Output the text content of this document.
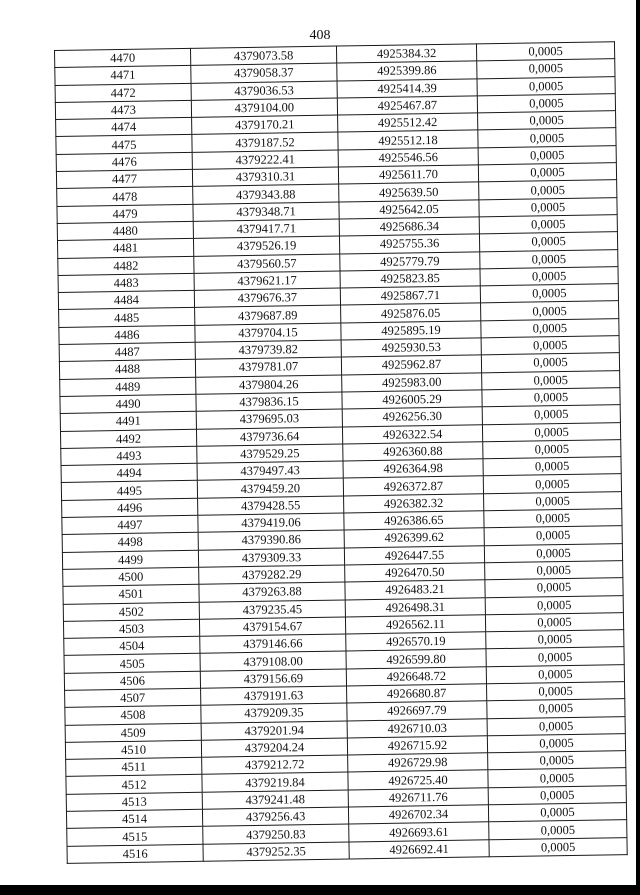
408
4470	4379073.58	4925384.32	0,0005
4471	4379058.37	4925399.86	0,0005
4472	4379036.53	4925414.39	0,0005
4473	4379104.00	4925467.87	0,0005
4474	4379170.21	4925512.42	0,0005
4475	4379187.52	4925512.18	0,0005
4476	4379222.41	4925546.56	0,0005
4477	4379310.31	4925611.70	0,0005
4478	4379343.88	4925639.50	0,0005
4479	4379348.71	4925642.05	0,0005
4480	4379417.71	4925686.34	0,0005
4481	4379526.19	4925755.36	0,0005
4482	4379560.57	4925779.79	0,0005
4483	4379621.17	4925823.85	0,0005
4484	4379676.37	4925867.71	0,0005
4485	4379687.89	4925876.05	0,0005
4486	4379704.15	4925895.19	0,0005
4487	4379739.82	4925930.53	0,0005
4488	4379781.07	4925962.87	0,0005
4489	4379804.26	4925983.00	0,0005
4490	4379836.15	4926005.29	0,0005
4491	4379695.03	4926256.30	0,0005
4492	4379736.64	4926322.54	0,0005
4493	4379529.25	4926360.88	0,0005
4494	4379497.43	4926364.98	0,0005
4495	4379459.20	4926372.87	0,0005
4496	4379428.55	4926382.32	0,0005
4497	4379419.06	4926386.65	0,0005
4498	4379390.86	4926399.62	0,0005
4499	4379309.33	4926447.55	0,0005
4500	4379282.29	4926470.50	0,0005
4501	4379263.88	4926483.21	0,0005
4502	4379235.45	4926498.31	0,0005
4503	4379154.67	4926562.11	0,0005
4504	4379146.66	4926570.19	0,0005
4505	4379108.00	4926599.80	0,0005
4506	4379156.69	4926648.72	0,0005
4507	4379191.63	4926680.87	0,0005
4508	4379209.35	4926697.79	0,0005
4509	4379201.94	4926710.03	0,0005
4510	4379204.24	4926715.92	0,0005
4511	4379212.72	4926729.98	0,0005
4512	4379219.84	4926725.40	0,0005
4513	4379241.48	4926711.76	0,0005
4514	4379256.43	4926702.34	0,0005
4515	4379250.83	4926693.61	0,0005
4516	4379252.35	4926692.41	0,0005
